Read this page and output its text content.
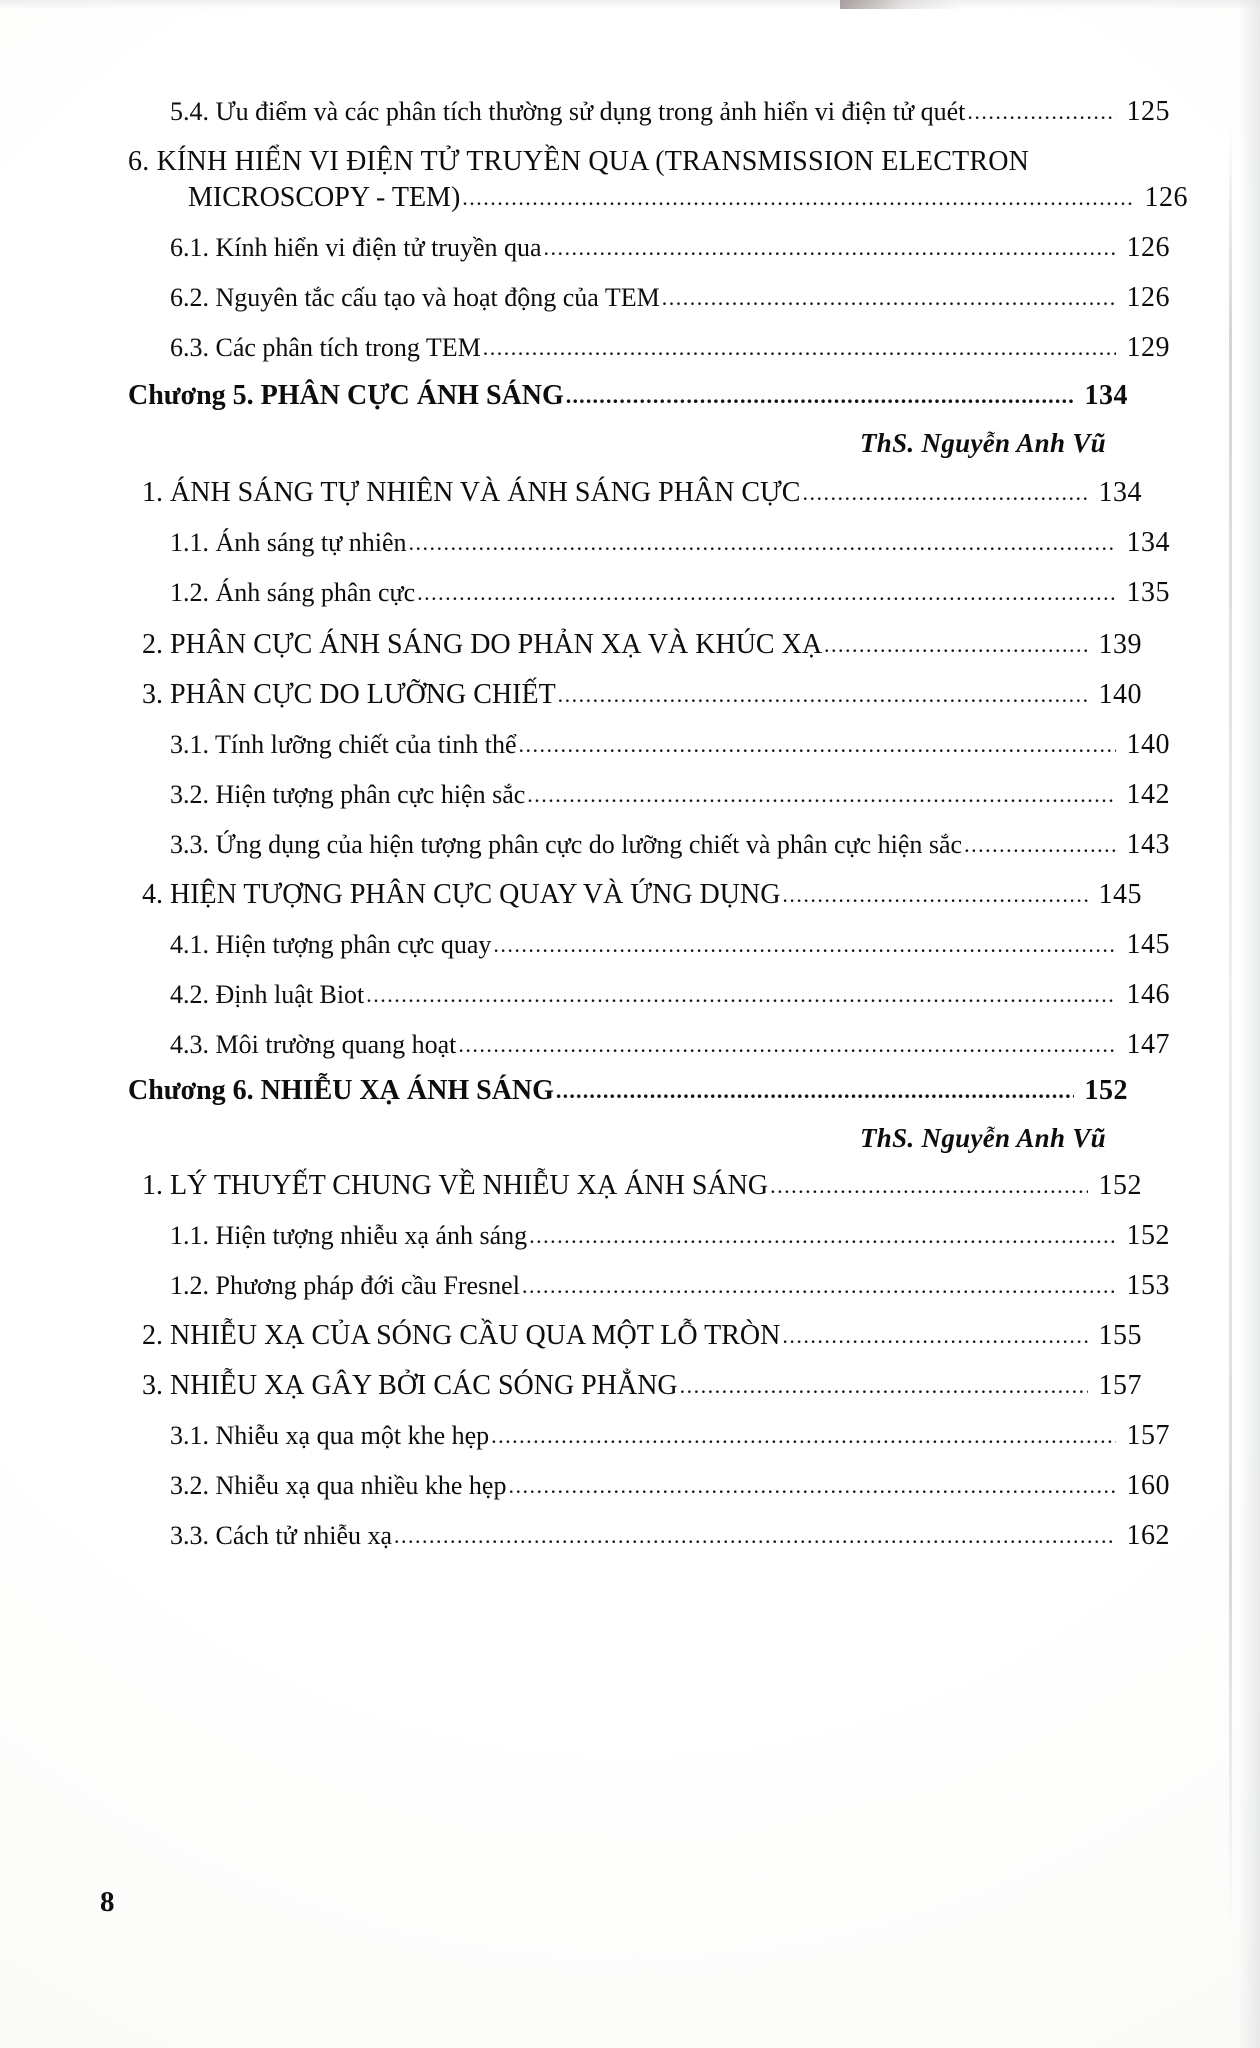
5.4. Ưu điểm và các phân tích thường sử dụng trong ảnh hiển vi điện tử quét .....	125
6. KÍNH HIỂN VI ĐIỆN TỬ TRUYỀN QUA (TRANSMISSION ELECTRON
MICROSCOPY - TEM) .....	126
6.1. Kính hiển vi điện tử truyền qua .....	126
6.2. Nguyên tắc cấu tạo và hoạt động của TEM .....	126
6.3. Các phân tích trong TEM .....	129
Chương 5. PHÂN CỰC ÁNH SÁNG .....	134
ThS. Nguyễn Anh Vũ
1. ÁNH SÁNG TỰ NHIÊN VÀ ÁNH SÁNG PHÂN CỰC .....	134
1.1. Ánh sáng tự nhiên .....	134
1.2. Ánh sáng phân cực .....	135
2. PHÂN CỰC ÁNH SÁNG DO PHẢN XẠ VÀ KHÚC XẠ .....	139
3. PHÂN CỰC DO LƯỠNG CHIẾT .....	140
3.1. Tính lưỡng chiết của tinh thể .....	140
3.2. Hiện tượng phân cực hiện sắc .....	142
3.3. Ứng dụng của hiện tượng phân cực do lưỡng chiết và phân cực hiện sắc .....	143
4. HIỆN TƯỢNG PHÂN CỰC QUAY VÀ ỨNG DỤNG .....	145
4.1. Hiện tượng phân cực quay .....	145
4.2. Định luật Biot .....	146
4.3. Môi trường quang hoạt .....	147
Chương 6. NHIỄU XẠ ÁNH SÁNG .....	152
ThS. Nguyễn Anh Vũ
1. LÝ THUYẾT CHUNG VỀ NHIỄU XẠ ÁNH SÁNG .....	152
1.1. Hiện tượng nhiễu xạ ánh sáng .....	152
1.2. Phương pháp đới cầu Fresnel .....	153
2. NHIỄU XẠ CỦA SÓNG CẦU QUA MỘT LỖ TRÒN .....	155
3. NHIỄU XẠ GÂY BỞI CÁC SÓNG PHẲNG .....	157
3.1. Nhiễu xạ qua một khe hẹp .....	157
3.2. Nhiễu xạ qua nhiều khe hẹp .....	160
3.3. Cách tử nhiễu xạ .....	162
8
